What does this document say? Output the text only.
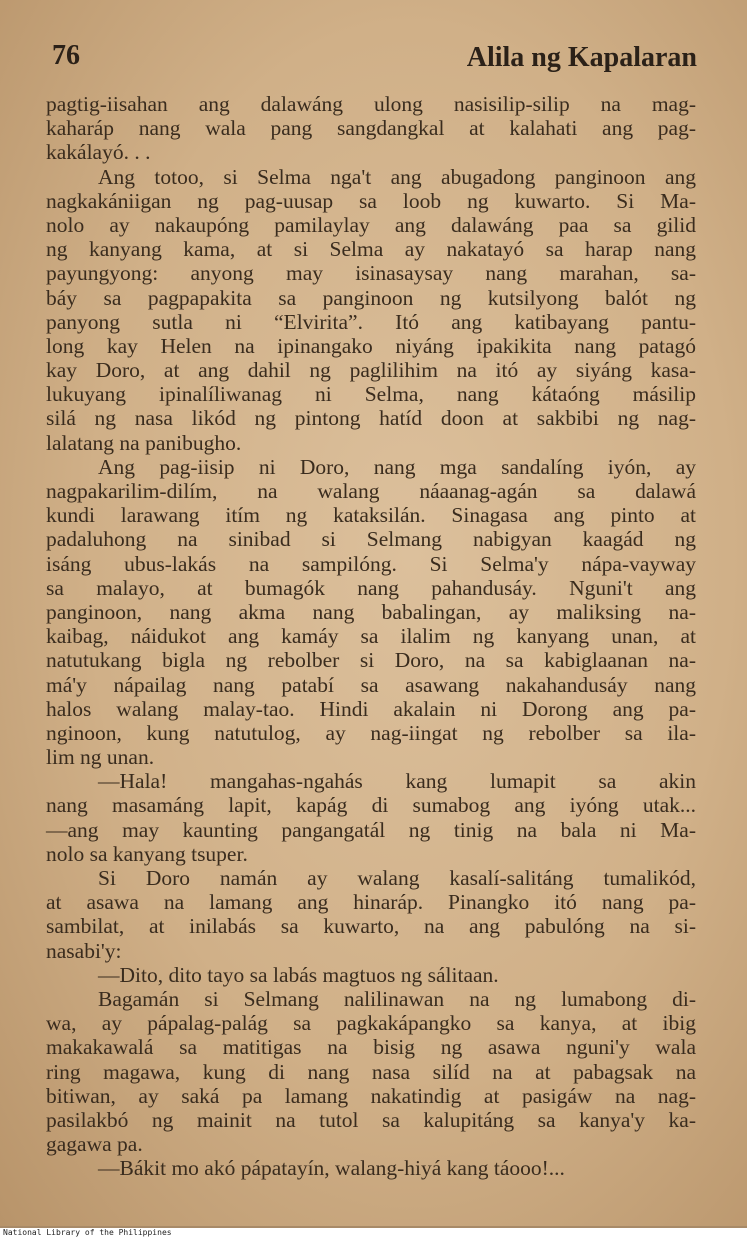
76	Alila ng Kapalaran
pagtig-iisahan ang dalawáng ulong nasisilip-silip na mag-
kaharáp nang wala pang sangdangkal at kalahati ang pag-
kakálayó. . .
Ang totoo, si Selma nga't ang abugadong panginoon ang
nagkakániigan ng pag-uusap sa loob ng kuwarto. Si Ma-
nolo ay nakaupóng pamilaylay ang dalawáng paa sa gilid
ng kanyang kama, at si Selma ay nakatayó sa harap nang
payungyong: anyong may isinasaysay nang marahan, sa-
báy sa pagpapakita sa panginoon ng kutsilyong balót ng
panyong sutla ni “Elvirita”. Itó ang katibayang pantu-
long kay Helen na ipinangako niyáng ipakikita nang patagó
kay Doro, at ang dahil ng paglilihim na itó ay siyáng kasa-
lukuyang ipinalíliwanag ni Selma, nang kátaóng másilip
silá ng nasa likód ng pintong hatíd doon at sakbibi ng nag-
lalatang na panibugho.
Ang pag-iisip ni Doro, nang mga sandalíng iyón, ay
nagpakarilim-dilím, na walang náaanag-agán sa dalawá
kundi larawang itím ng kataksilán. Sinagasa ang pinto at
padaluhong na sinibad si Selmang nabigyan kaagád ng
isáng ubus-lakás na sampilóng. Si Selma'y nápa-vayway
sa malayo, at bumagók nang pahandusáy. Nguni't ang
panginoon, nang akma nang babalingan, ay maliksing na-
kaibag, náidukot ang kamáy sa ilalim ng kanyang unan, at
natutukang bigla ng rebolber si Doro, na sa kabiglaanan na-
má'y nápailag nang patabí sa asawang nakahandusáy nang
halos walang malay-tao. Hindi akalain ni Dorong ang pa-
nginoon, kung natutulog, ay nag-iingat ng rebolber sa ila-
lim ng unan.
—Hala! mangahas-ngahás kang lumapit sa akin
nang masamáng lapit, kapág di sumabog ang iyóng utak...
—ang may kaunting pangangatál ng tinig na bala ni Ma-
nolo sa kanyang tsuper.
Si Doro namán ay walang kasalí-salitáng tumalikód,
at asawa na lamang ang hinaráp. Pinangko itó nang pa-
sambilat, at inilabás sa kuwarto, na ang pabulóng na si-
nasabi'y:
—Dito, dito tayo sa labás magtuos ng sálitaan.
Bagamán si Selmang nalilinawan na ng lumabong di-
wa, ay pápalag-palág sa pagkakápangko sa kanya, at ibig
makakawalá sa matitigas na bisig ng asawa nguni'y wala
ring magawa, kung di nang nasa silíd na at pabagsak na
bitiwan, ay saká pa lamang nakatindig at pasigáw na nag-
pasilakbó ng mainit na tutol sa kalupitáng sa kanya'y ka-
gagawa pa.
—Bákit mo akó pápatayín, walang-hiyá kang táooo!...
National Library of the Philippines
